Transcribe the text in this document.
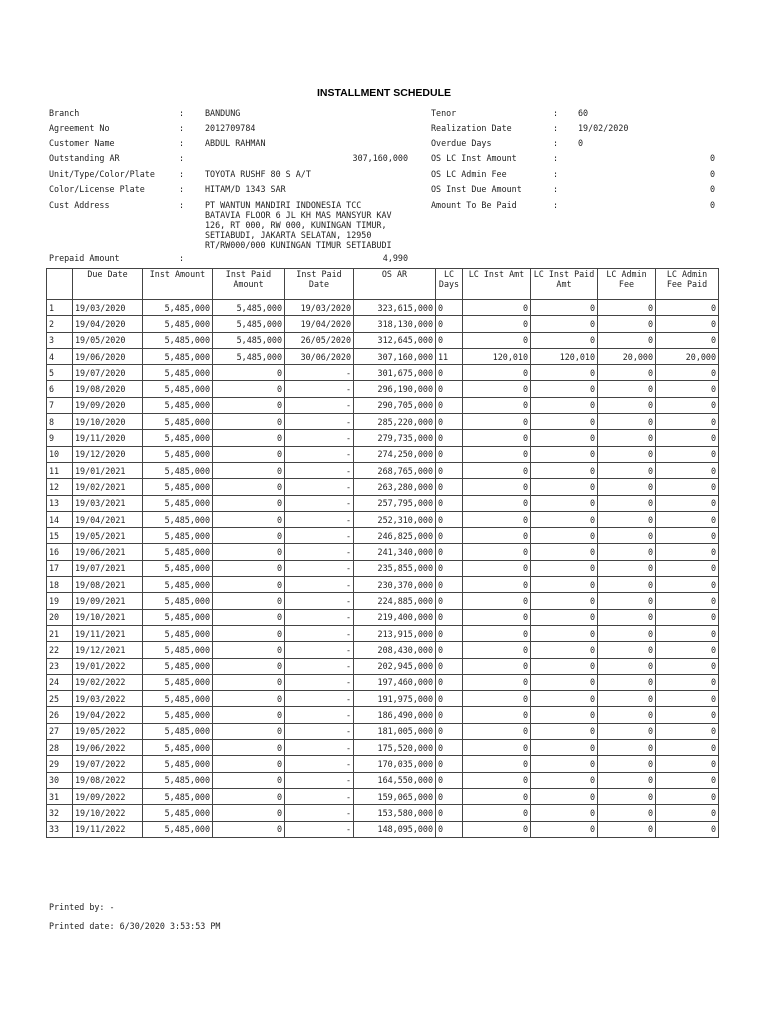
INSTALLMENT SCHEDULE
Branch	: BANDUNG
Agreement No	: 2012709784
Customer Name	: ABDUL RAHMAN
Outstanding AR	:	307,160,000
Unit/Type/Color/Plate	: TOYOTA RUSHF 80 S A/T
Color/License Plate	: HITAM/D 1343 SAR
Cust Address	: PT WANTUN MANDIRI INDONESIA TCC
BATAVIA FLOOR 6 JL KH MAS MANSYUR KAV
126, RT 000, RW 000, KUNINGAN TIMUR,
SETIABUDI, JAKARTA SELATAN, 12950
RT/RW000/000 KUNINGAN TIMUR SETIABUDI
Prepaid Amount	:	4,990
Tenor	: 60
Realization Date	: 19/02/2020
Overdue Days	: 0
OS LC Inst Amount	:	0
OS LC Admin Fee	:	0
OS Inst Due Amount	:	0
Amount To Be Paid	:	0
	Due Date	Inst Amount	Inst Paid Amount	Inst Paid Date	OS AR	LC Days	LC Inst Amt	LC Inst Paid Amt	LC Admin Fee	LC Admin Fee Paid
1	19/03/2020	5,485,000	5,485,000	19/03/2020	323,615,000	0	0	0	0	0
2	19/04/2020	5,485,000	5,485,000	19/04/2020	318,130,000	0	0	0	0	0
3	19/05/2020	5,485,000	5,485,000	26/05/2020	312,645,000	0	0	0	0	0
4	19/06/2020	5,485,000	5,485,000	30/06/2020	307,160,000	11	120,010	120,010	20,000	20,000
5	19/07/2020	5,485,000	0	-	301,675,000	0	0	0	0	0
6	19/08/2020	5,485,000	0	-	296,190,000	0	0	0	0	0
7	19/09/2020	5,485,000	0	-	290,705,000	0	0	0	0	0
8	19/10/2020	5,485,000	0	-	285,220,000	0	0	0	0	0
9	19/11/2020	5,485,000	0	-	279,735,000	0	0	0	0	0
10	19/12/2020	5,485,000	0	-	274,250,000	0	0	0	0	0
11	19/01/2021	5,485,000	0	-	268,765,000	0	0	0	0	0
12	19/02/2021	5,485,000	0	-	263,280,000	0	0	0	0	0
13	19/03/2021	5,485,000	0	-	257,795,000	0	0	0	0	0
14	19/04/2021	5,485,000	0	-	252,310,000	0	0	0	0	0
15	19/05/2021	5,485,000	0	-	246,825,000	0	0	0	0	0
16	19/06/2021	5,485,000	0	-	241,340,000	0	0	0	0	0
17	19/07/2021	5,485,000	0	-	235,855,000	0	0	0	0	0
18	19/08/2021	5,485,000	0	-	230,370,000	0	0	0	0	0
19	19/09/2021	5,485,000	0	-	224,885,000	0	0	0	0	0
20	19/10/2021	5,485,000	0	-	219,400,000	0	0	0	0	0
21	19/11/2021	5,485,000	0	-	213,915,000	0	0	0	0	0
22	19/12/2021	5,485,000	0	-	208,430,000	0	0	0	0	0
23	19/01/2022	5,485,000	0	-	202,945,000	0	0	0	0	0
24	19/02/2022	5,485,000	0	-	197,460,000	0	0	0	0	0
25	19/03/2022	5,485,000	0	-	191,975,000	0	0	0	0	0
26	19/04/2022	5,485,000	0	-	186,490,000	0	0	0	0	0
27	19/05/2022	5,485,000	0	-	181,005,000	0	0	0	0	0
28	19/06/2022	5,485,000	0	-	175,520,000	0	0	0	0	0
29	19/07/2022	5,485,000	0	-	170,035,000	0	0	0	0	0
30	19/08/2022	5,485,000	0	-	164,550,000	0	0	0	0	0
31	19/09/2022	5,485,000	0	-	159,065,000	0	0	0	0	0
32	19/10/2022	5,485,000	0	-	153,580,000	0	0	0	0	0
33	19/11/2022	5,485,000	0	-	148,095,000	0	0	0	0	0
Printed by: -
Printed date: 6/30/2020 3:53:53 PM
